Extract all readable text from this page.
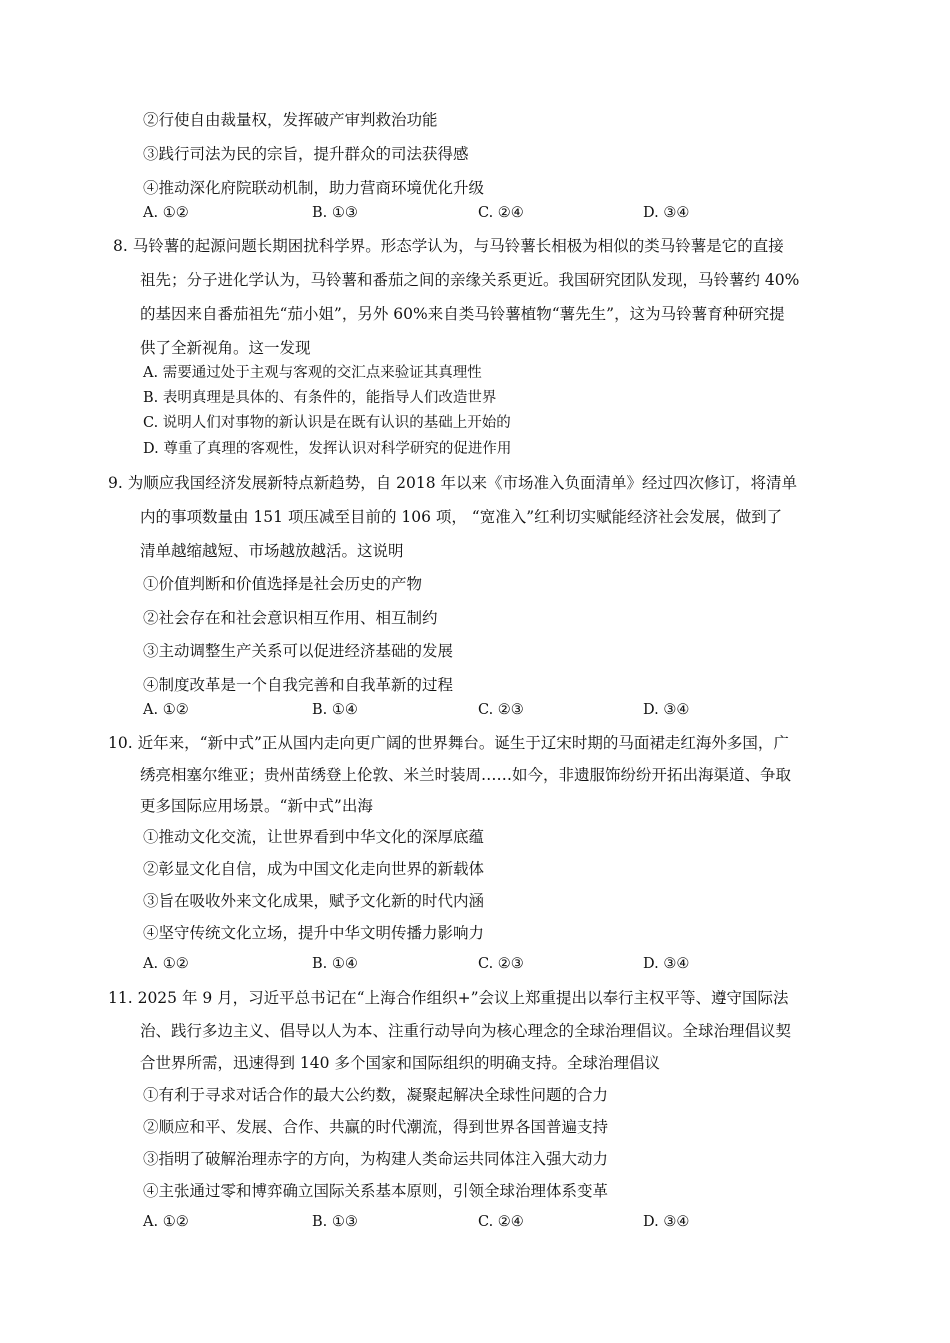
②行使自由裁量权，发挥破产审判救治功能
③践行司法为民的宗旨，提升群众的司法获得感
④推动深化府院联动机制，助力营商环境优化升级
A. ①②	B. ①③	C. ②④	D. ③④
8. 马铃薯的起源问题长期困扰科学界。形态学认为，与马铃薯长相极为相似的类马铃薯是它的直接
祖先；分子进化学认为，马铃薯和番茄之间的亲缘关系更近。我国研究团队发现，马铃薯约 40%
的基因来自番茄祖先“茄小姐”，另外 60%来自类马铃薯植物“薯先生”，这为马铃薯育种研究提
供了全新视角。这一发现
A. 需要通过处于主观与客观的交汇点来验证其真理性
B. 表明真理是具体的、有条件的，能指导人们改造世界
C. 说明人们对事物的新认识是在既有认识的基础上开始的
D. 尊重了真理的客观性，发挥认识对科学研究的促进作用
9. 为顺应我国经济发展新特点新趋势，自 2018 年以来《市场准入负面清单》经过四次修订，将清单
内的事项数量由 151 项压减至目前的 106 项， “宽准入”红利切实赋能经济社会发展，做到了
清单越缩越短、市场越放越活。这说明
①价值判断和价值选择是社会历史的产物
②社会存在和社会意识相互作用、相互制约
③主动调整生产关系可以促进经济基础的发展
④制度改革是一个自我完善和自我革新的过程
A. ①②	B. ①④	C. ②③	D. ③④
10. 近年来，“新中式”正从国内走向更广阔的世界舞台。诞生于辽宋时期的马面裙走红海外多国，广
绣亮相塞尔维亚；贵州苗绣登上伦敦、米兰时装周……如今，非遗服饰纷纷开拓出海渠道、争取
更多国际应用场景。“新中式”出海
①推动文化交流，让世界看到中华文化的深厚底蕴
②彰显文化自信，成为中国文化走向世界的新载体
③旨在吸收外来文化成果，赋予文化新的时代内涵
④坚守传统文化立场，提升中华文明传播力影响力
A. ①②	B. ①④	C. ②③	D. ③④
11. 2025 年 9 月，习近平总书记在“上海合作组织+”会议上郑重提出以奉行主权平等、遵守国际法
治、践行多边主义、倡导以人为本、注重行动导向为核心理念的全球治理倡议。全球治理倡议契
合世界所需，迅速得到 140 多个国家和国际组织的明确支持。全球治理倡议
①有利于寻求对话合作的最大公约数，凝聚起解决全球性问题的合力
②顺应和平、发展、合作、共赢的时代潮流，得到世界各国普遍支持
③指明了破解治理赤字的方向，为构建人类命运共同体注入强大动力
④主张通过零和博弈确立国际关系基本原则，引领全球治理体系变革
A. ①②	B. ①③	C. ②④	D. ③④
